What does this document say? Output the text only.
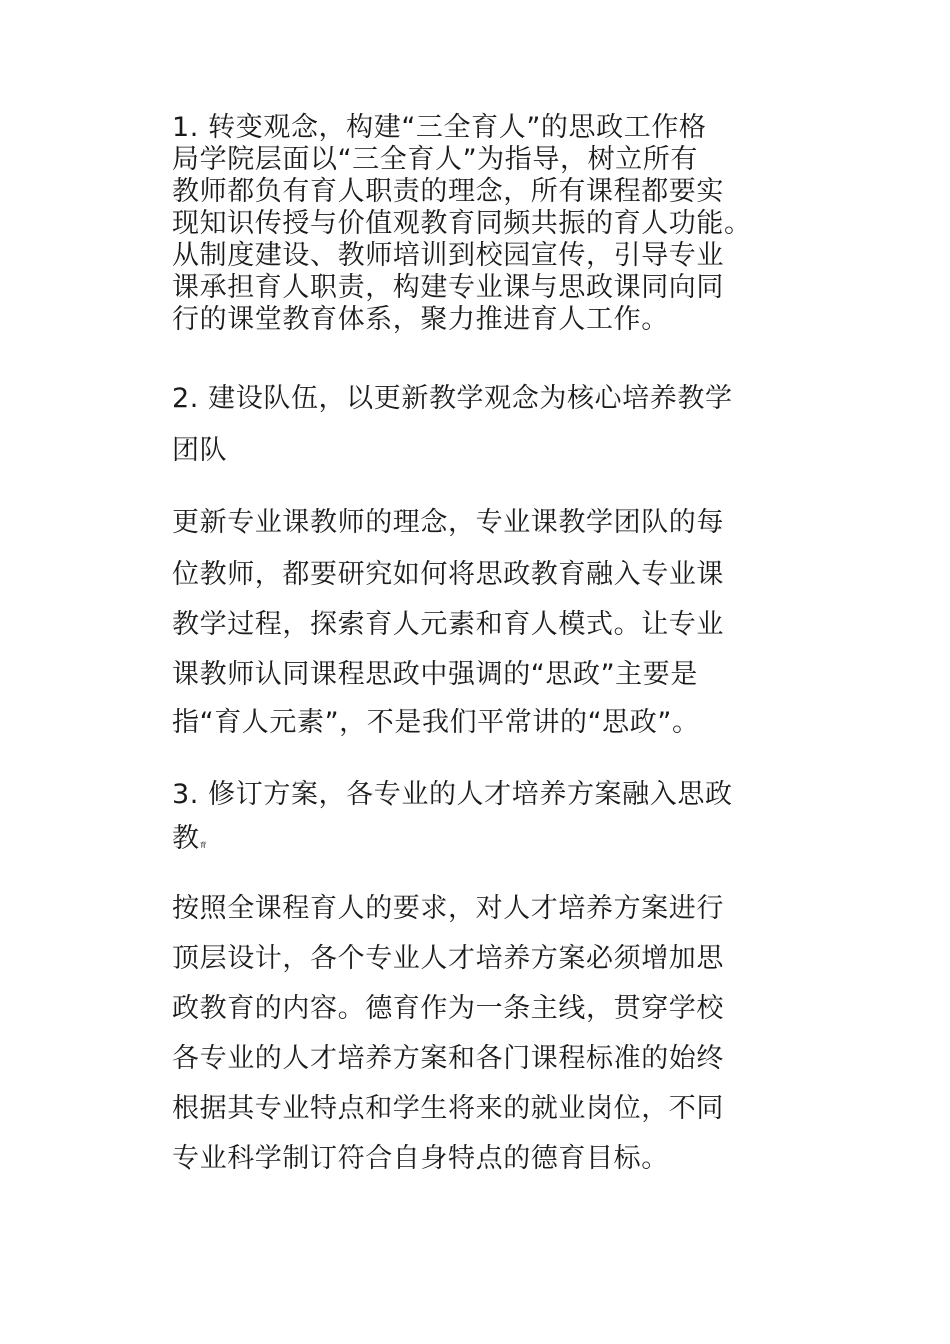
1. 转变观念，构建“三全育人”的思政工作格
局学院层面以“三全育人”为指导，树立所有
教师都负有育人职责的理念，所有课程都要实
现知识传授与价值观教育同频共振的育人功能。
从制度建设、教师培训到校园宣传，引导专业
课承担育人职责，构建专业课与思政课同向同
行的课堂教育体系，聚力推进育人工作。
2. 建设队伍，以更新教学观念为核心培养教学
团队
更新专业课教师的理念，专业课教学团队的每
位教师，都要研究如何将思政教育融入专业课
教学过程，探索育人元素和育人模式。让专业
课教师认同课程思政中强调的“思政”主要是
指“育人元素”，不是我们平常讲的“思政”。
3. 修订方案，各专业的人才培养方案融入思政
教育
按照全课程育人的要求，对人才培养方案进行
顶层设计，各个专业人才培养方案必须增加思
政教育的内容。德育作为一条主线，贯穿学校
各专业的人才培养方案和各门课程标准的始终
根据其专业特点和学生将来的就业岗位，不同
专业科学制订符合自身特点的德育目标。
